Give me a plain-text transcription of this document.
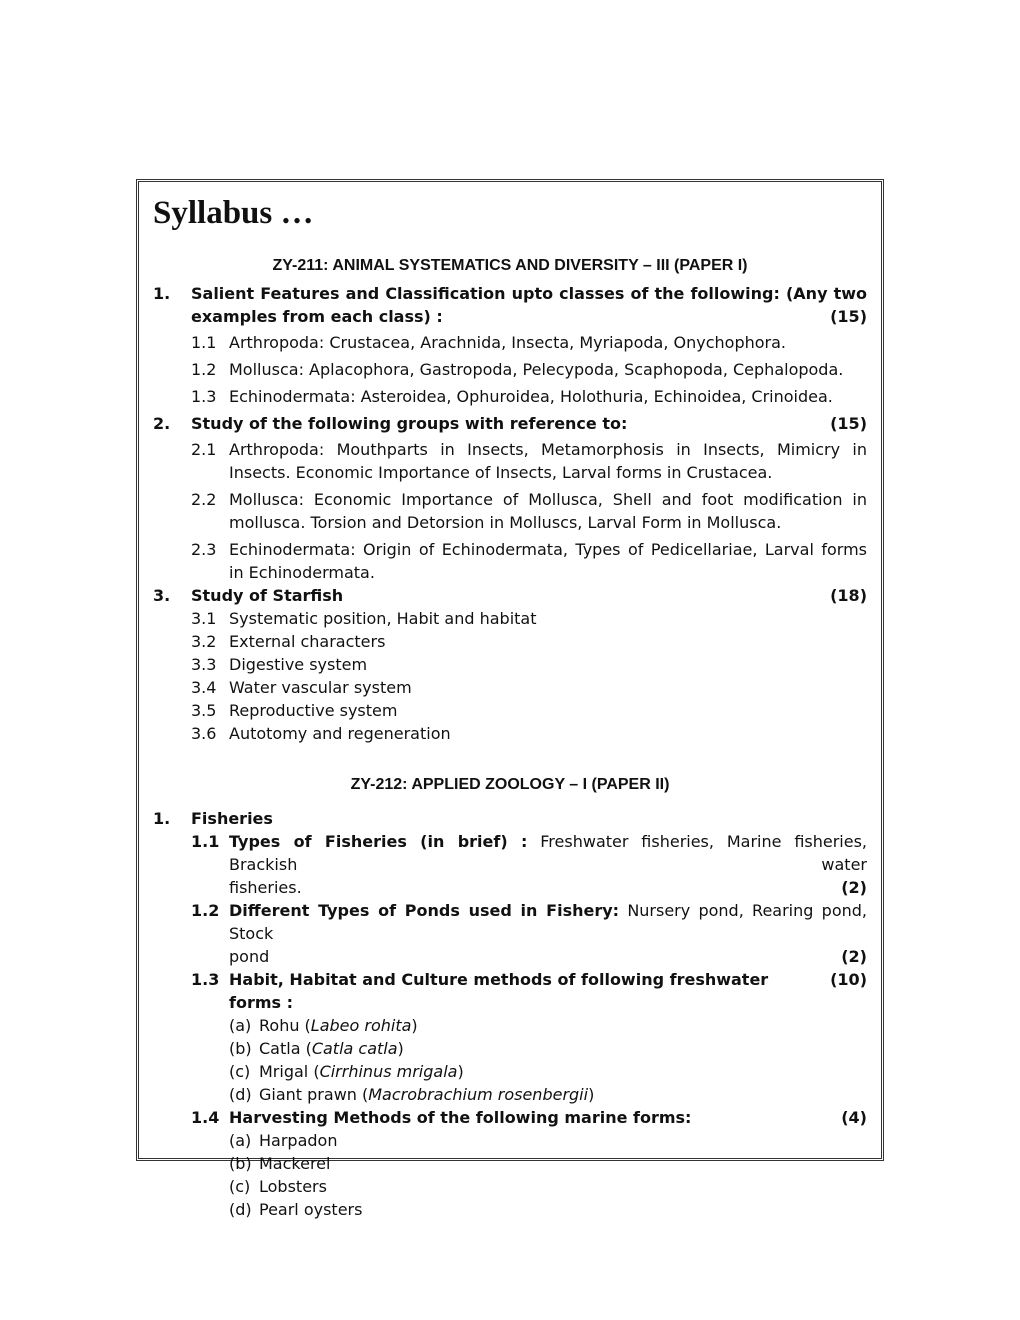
Syllabus …
ZY-211: ANIMAL SYSTEMATICS AND DIVERSITY – III (PAPER I)
1.	Salient Features and Classification upto classes of the following: (Any two
examples from each class) :	(15)
1.1 Arthropoda: Crustacea, Arachnida, Insecta, Myriapoda, Onychophora.
1.2 Mollusca: Aplacophora, Gastropoda, Pelecypoda, Scaphopoda, Cephalopoda.
1.3 Echinodermata: Asteroidea, Ophuroidea, Holothuria, Echinoidea, Crinoidea.
2.	Study of the following groups with reference to:	(15)
2.1 Arthropoda: Mouthparts in Insects, Metamorphosis in Insects, Mimicry in Insects. Economic Importance of Insects, Larval forms in Crustacea.
2.2 Mollusca: Economic Importance of Mollusca, Shell and foot modification in mollusca. Torsion and Detorsion in Molluscs, Larval Form in Mollusca.
2.3 Echinodermata: Origin of Echinodermata, Types of Pedicellariae, Larval forms in Echinodermata.
3.	Study of Starfish	(18)
3.1 Systematic position, Habit and habitat
3.2 External characters
3.3 Digestive system
3.4 Water vascular system
3.5 Reproductive system
3.6 Autotomy and regeneration
ZY-212: APPLIED ZOOLOGY – I (PAPER II)
1.	Fisheries
1.1 Types of Fisheries (in brief) : Freshwater fisheries, Marine fisheries, Brackish water
fisheries.	(2)
1.2 Different Types of Ponds used in Fishery: Nursery pond, Rearing pond, Stock
pond	(2)
1.3 Habit, Habitat and Culture methods of following freshwater forms :
(10)
(a) Rohu (Labeo rohita)
(b) Catla (Catla catla)
(c) Mrigal (Cirrhinus mrigala)
(d) Giant prawn (Macrobrachium rosenbergii)
1.4 Harvesting Methods of the following marine forms:	(4)
(a) Harpadon
(b) Mackerel
(c) Lobsters
(d) Pearl oysters
